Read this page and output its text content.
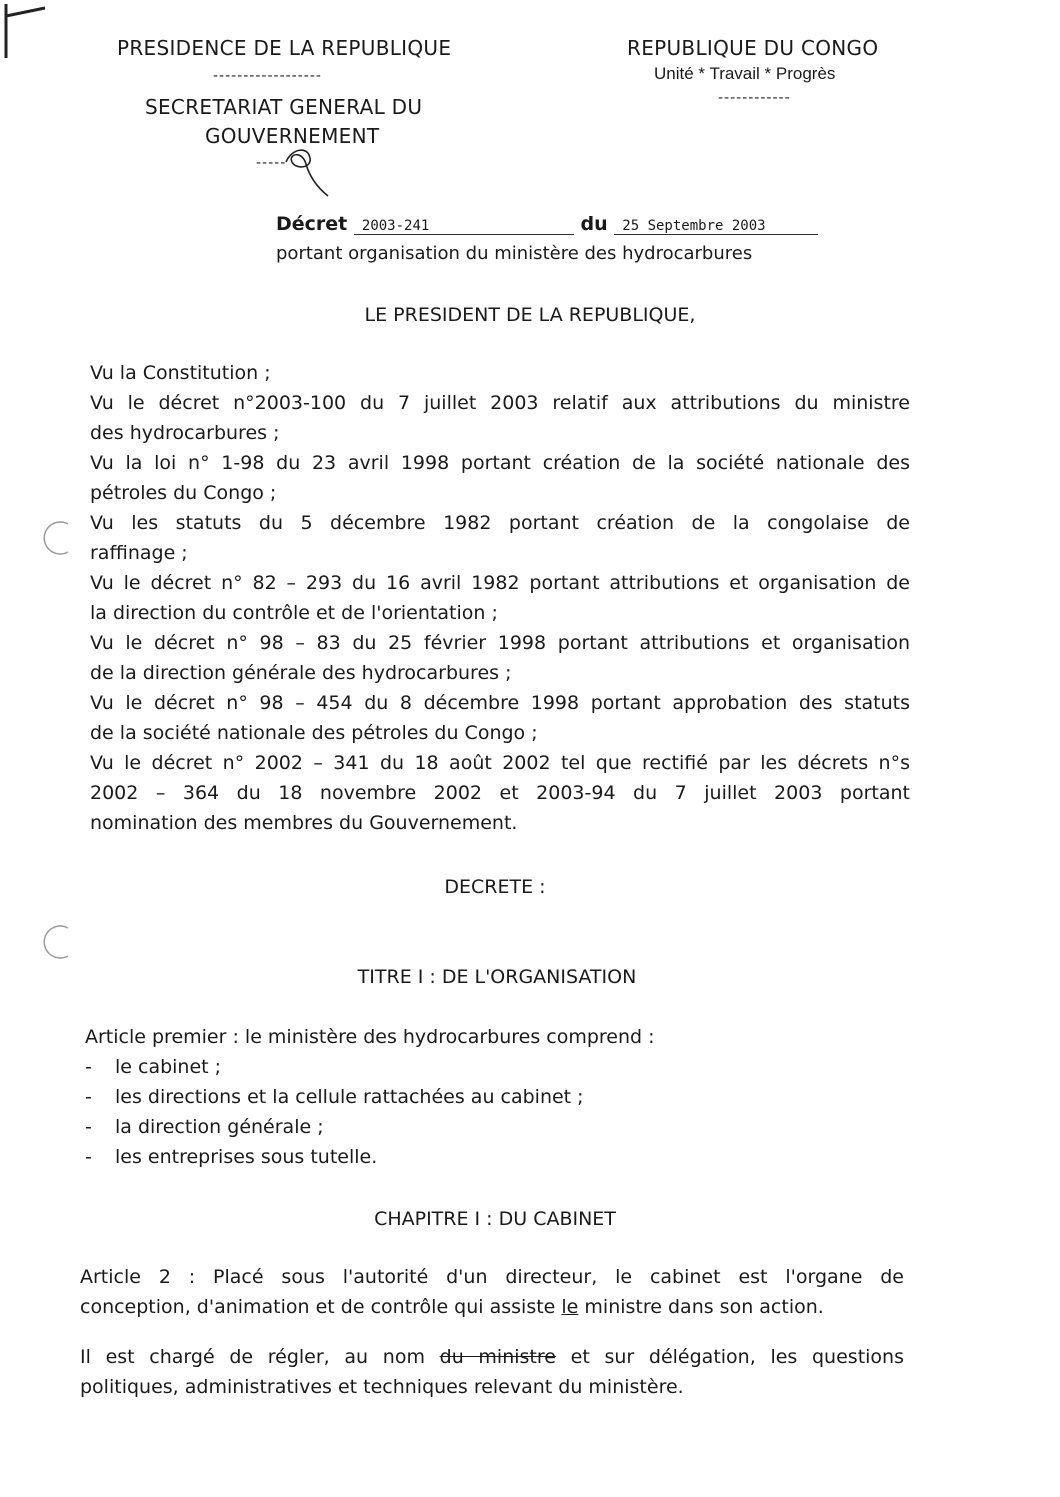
PRESIDENCE DE LA REPUBLIQUE
------------------
SECRETARIAT GENERAL DU
GOUVERNEMENT
-----
REPUBLIQUE DU CONGO
Unité * Travail * Progrès
------------
Décret 2003-241	du 25 Septembre 2003
portant organisation du ministère des hydrocarbures
LE PRESIDENT DE LA REPUBLIQUE,
Vu la Constitution ;
Vu le décret n°2003-100 du 7 juillet 2003 relatif aux attributions du ministre
des hydrocarbures ;
Vu la loi n° 1-98 du 23 avril 1998 portant création de la société nationale des
pétroles du Congo ;
Vu les statuts du 5 décembre 1982 portant création de la congolaise de
raffinage ;
Vu le décret n° 82 – 293 du 16 avril 1982 portant attributions et organisation de
la direction du contrôle et de l'orientation ;
Vu le décret n° 98 – 83 du 25 février 1998 portant attributions et organisation
de la direction générale des hydrocarbures ;
Vu le décret n° 98 – 454 du 8 décembre 1998 portant approbation des statuts
de la société nationale des pétroles du Congo ;
Vu le décret n° 2002 – 341 du 18 août 2002 tel que rectifié par les décrets n°s
2002 – 364 du 18 novembre 2002 et 2003-94 du 7 juillet 2003 portant
nomination des membres du Gouvernement.
DECRETE :
TITRE I : DE L'ORGANISATION
Article premier : le ministère des hydrocarbures comprend :
- le cabinet ;
- les directions et la cellule rattachées au cabinet ;
- la direction générale ;
- les entreprises sous tutelle.
CHAPITRE I : DU CABINET
Article 2 : Placé sous l'autorité d'un directeur, le cabinet est l'organe de
conception, d'animation et de contrôle qui assiste le ministre dans son action.
Il est chargé de régler, au nom du ministre et sur délégation, les questions
politiques, administratives et techniques relevant du ministère.
